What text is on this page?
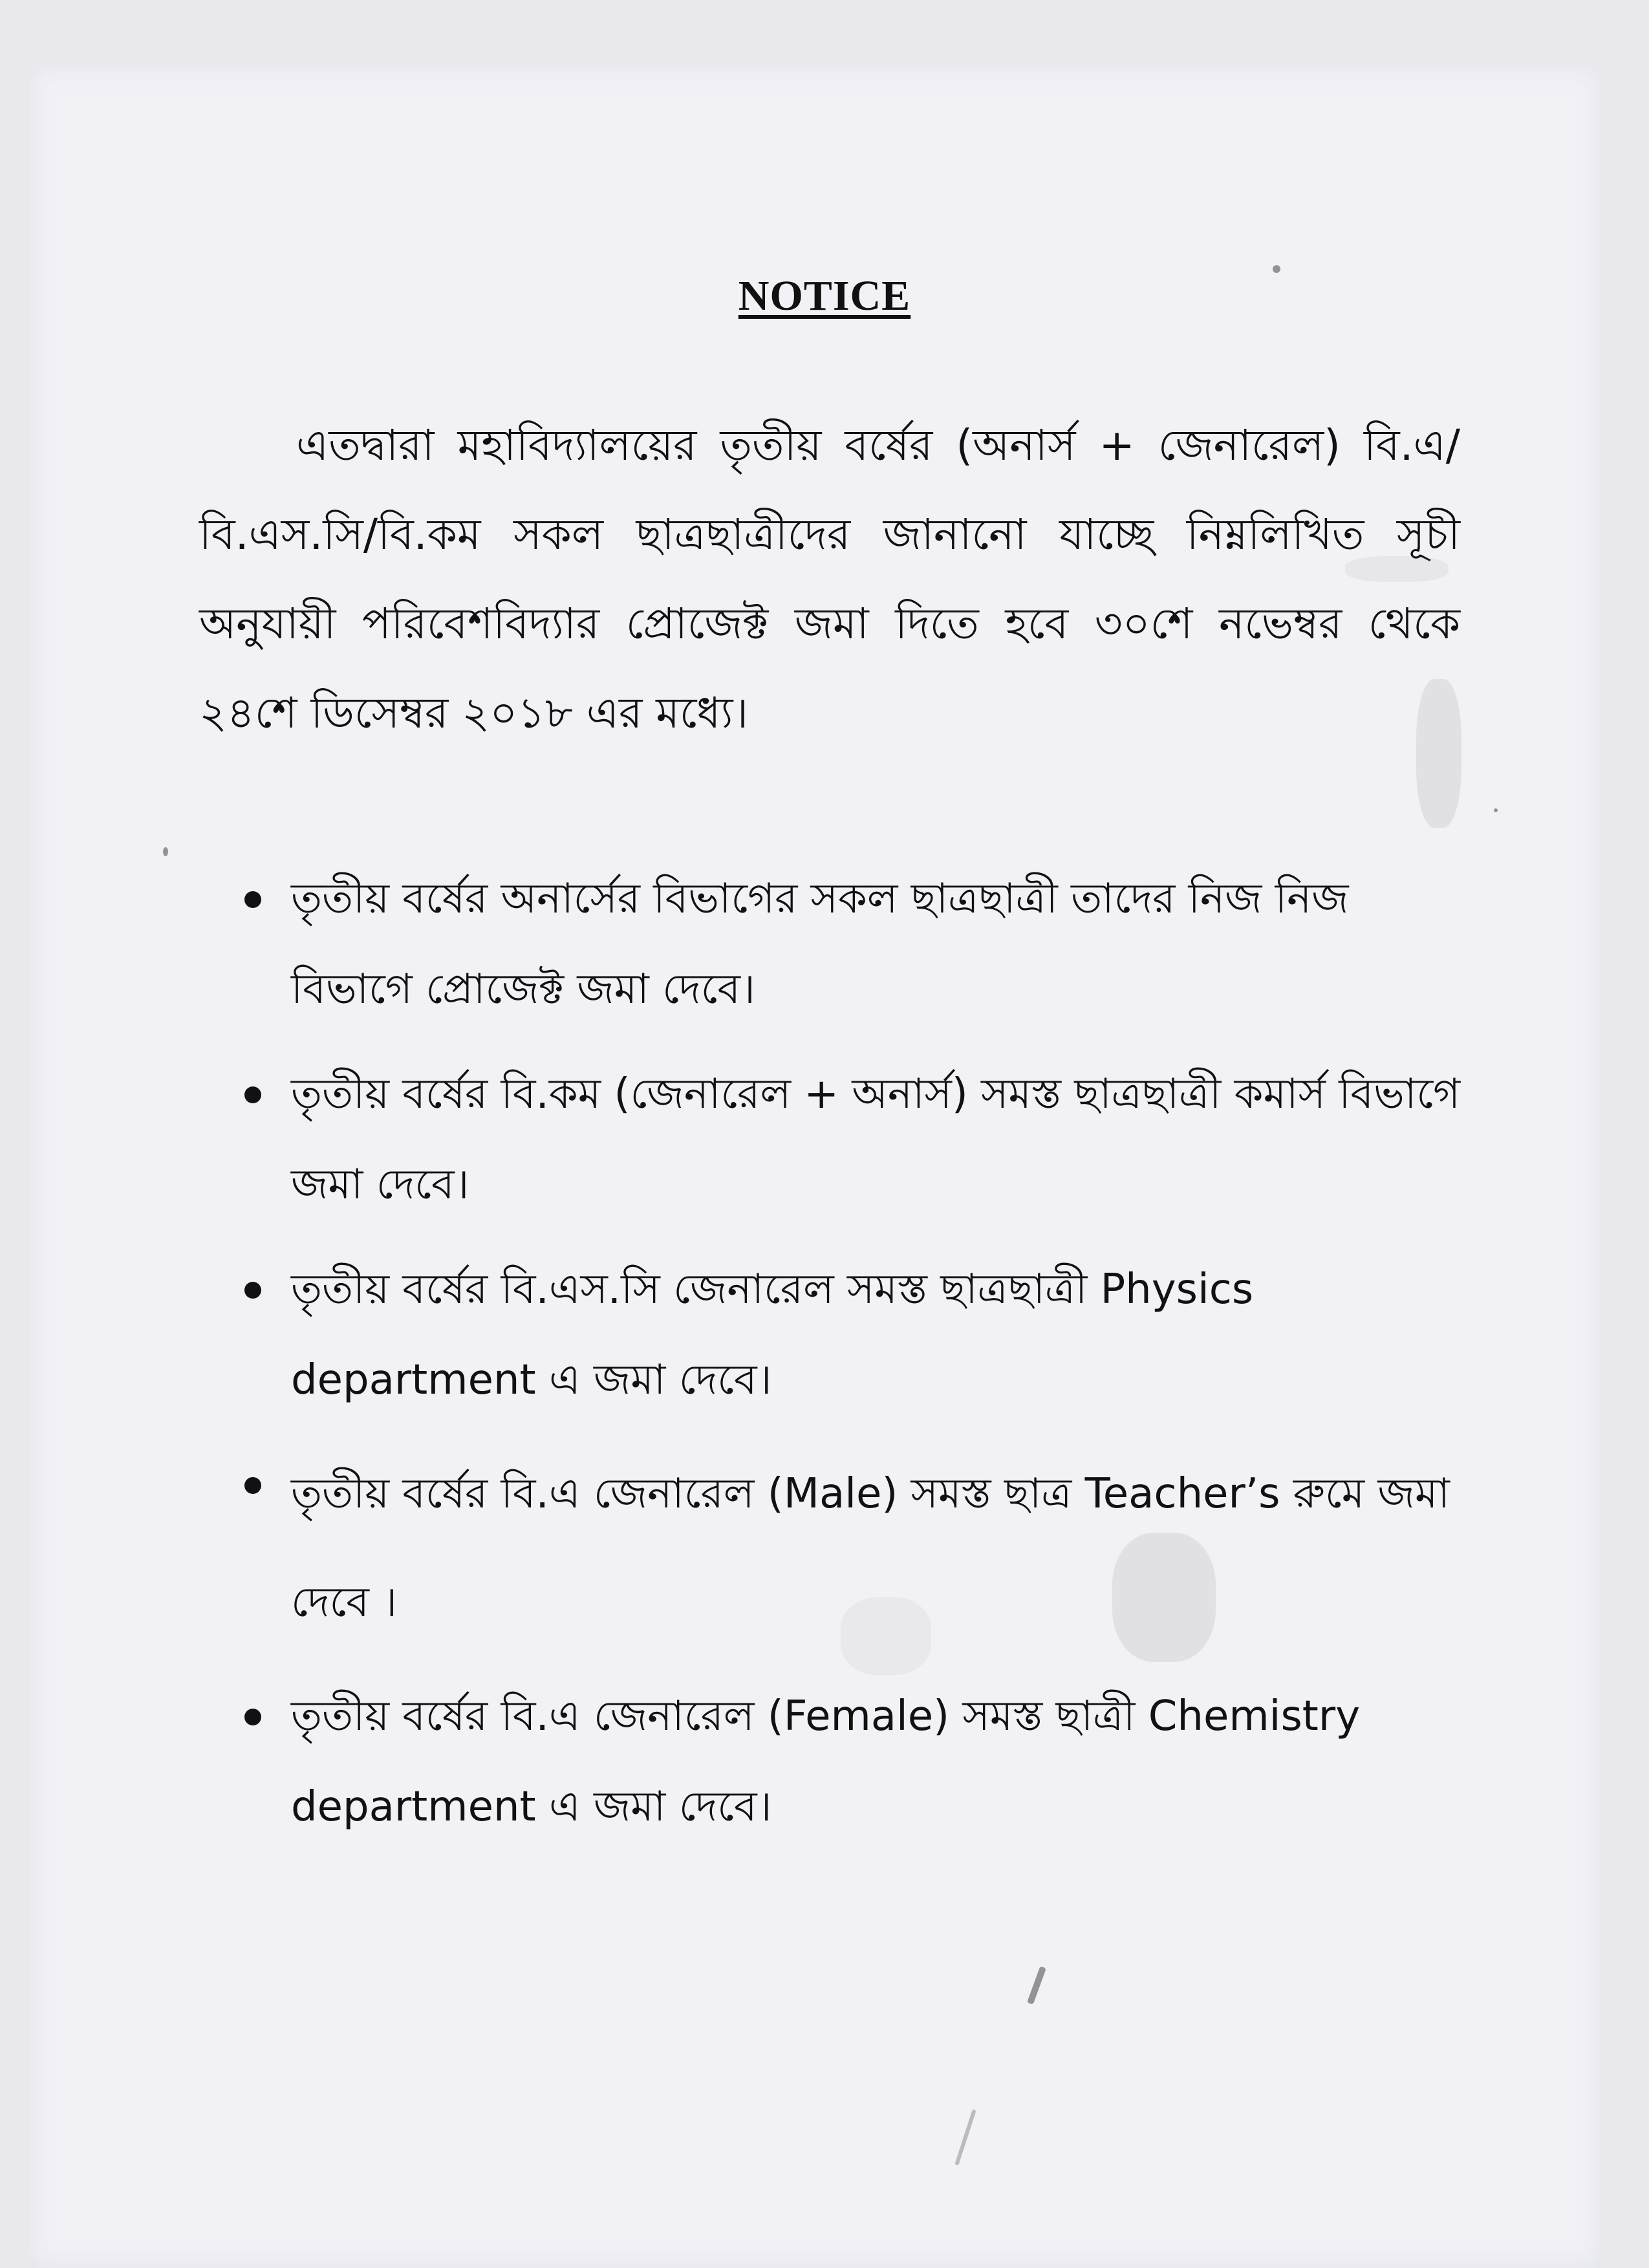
NOTICE

এতদ্বারা মহাবিদ্যালয়ের তৃতীয় বর্ষের (অনার্স + জেনারেল) বি.এ/বি.এস.সি/বি.কম সকল ছাত্রছাত্রীদের জানানো যাচ্ছে নিম্নলিখিত সূচী অনুযায়ী পরিবেশবিদ্যার প্রোজেক্ট জমা দিতে হবে ৩০শে নভেম্বর থেকে ২৪শে ডিসেম্বর ২০১৮ এর মধ্যে।

তৃতীয় বর্ষের অনার্সের বিভাগের সকল ছাত্রছাত্রী তাদের নিজ নিজ বিভাগে প্রোজেক্ট জমা দেবে।
তৃতীয় বর্ষের বি.কম (জেনারেল + অনার্স) সমস্ত ছাত্রছাত্রী কমার্স বিভাগে জমা দেবে।
তৃতীয় বর্ষের বি.এস.সি জেনারেল সমস্ত ছাত্রছাত্রী Physics department এ জমা দেবে।
তৃতীয় বর্ষের বি.এ জেনারেল (Male) সমস্ত ছাত্র Teacher’s রুমে জমা দেবে ।
তৃতীয় বর্ষের বি.এ জেনারেল (Female) সমস্ত ছাত্রী Chemistry department এ জমা দেবে।
